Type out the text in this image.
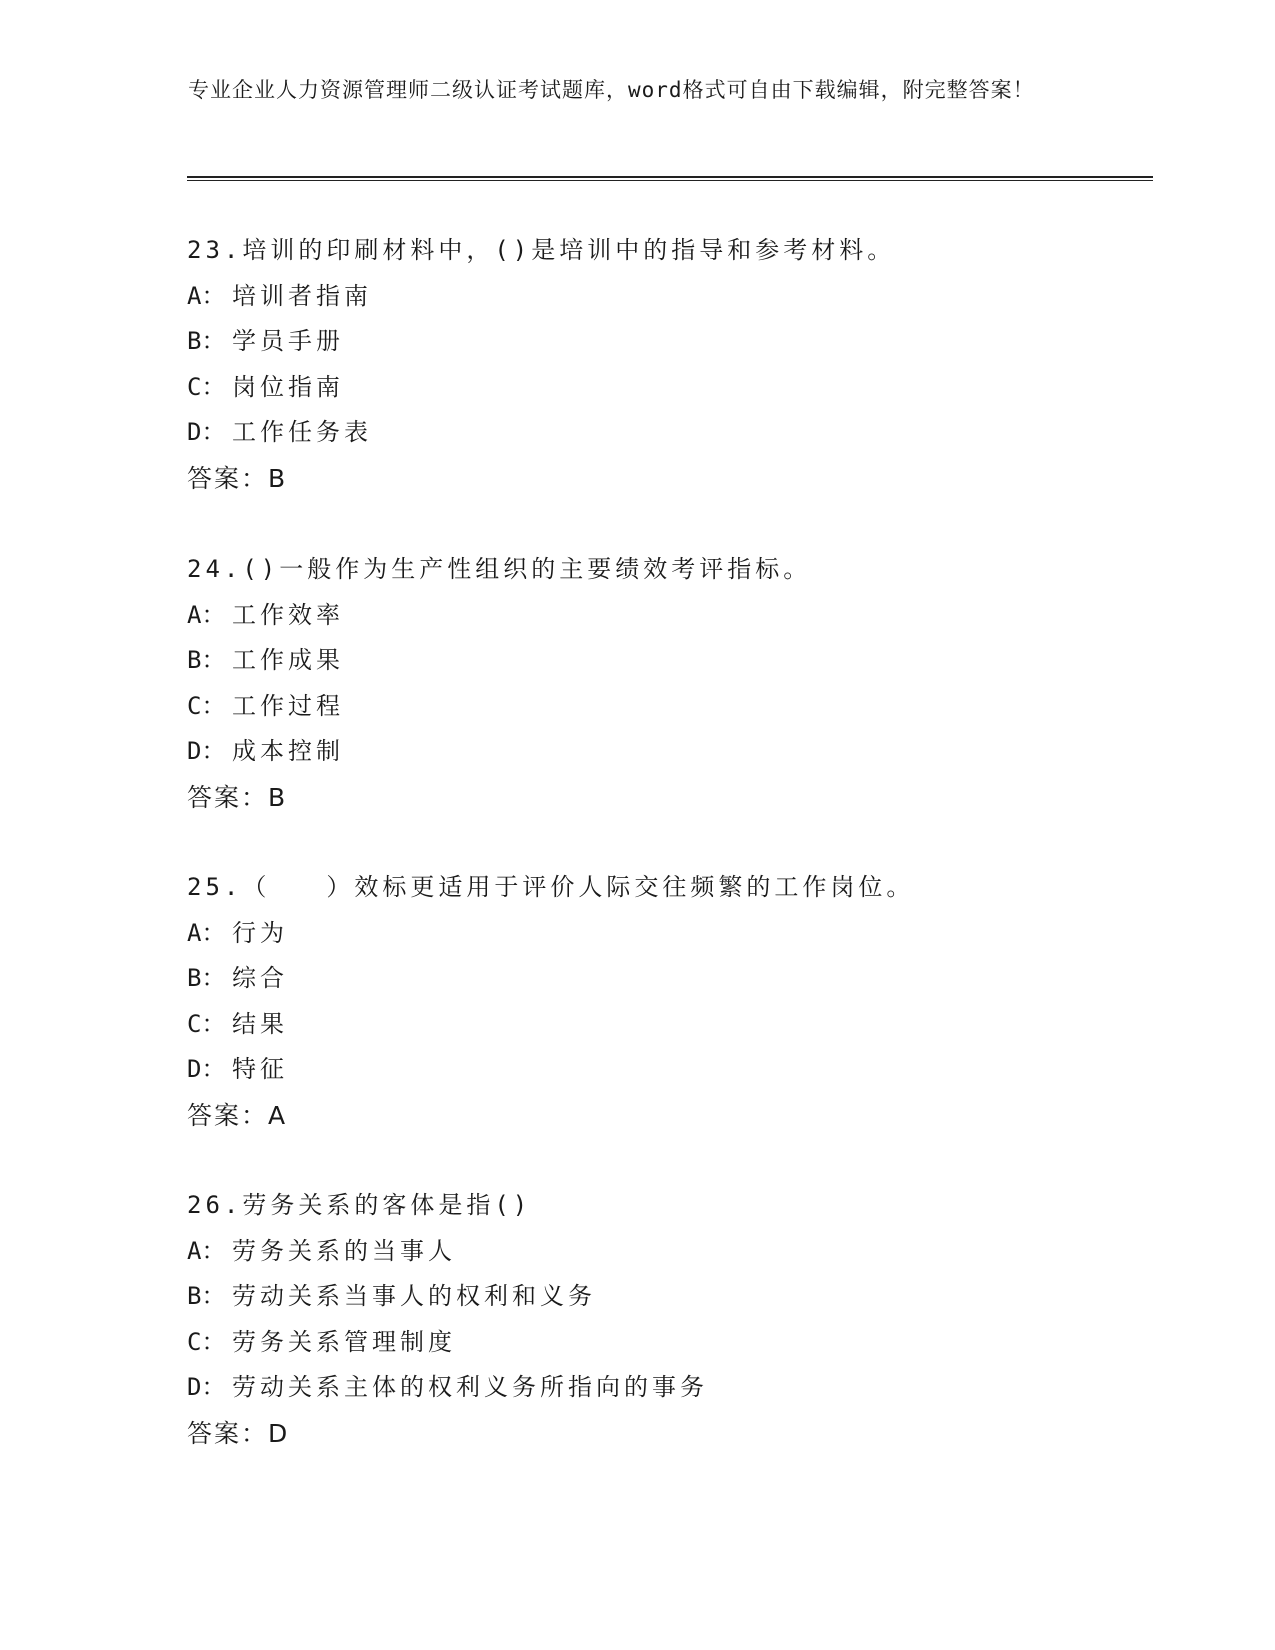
专业企业人力资源管理师二级认证考试题库，word格式可自由下载编辑，附完整答案！
23.培训的印刷材料中，()是培训中的指导和参考材料。
A： 培训者指南
B： 学员手册
C： 岗位指南
D： 工作任务表
答案：B
24.()一般作为生产性组织的主要绩效考评指标。
A： 工作效率
B： 工作成果
C： 工作过程
D： 成本控制
答案：B
25.（　　）效标更适用于评价人际交往频繁的工作岗位。
A： 行为
B： 综合
C： 结果
D： 特征
答案：A
26.劳务关系的客体是指()
A： 劳务关系的当事人
B： 劳动关系当事人的权利和义务
C： 劳务关系管理制度
D： 劳动关系主体的权利义务所指向的事务
答案：D
